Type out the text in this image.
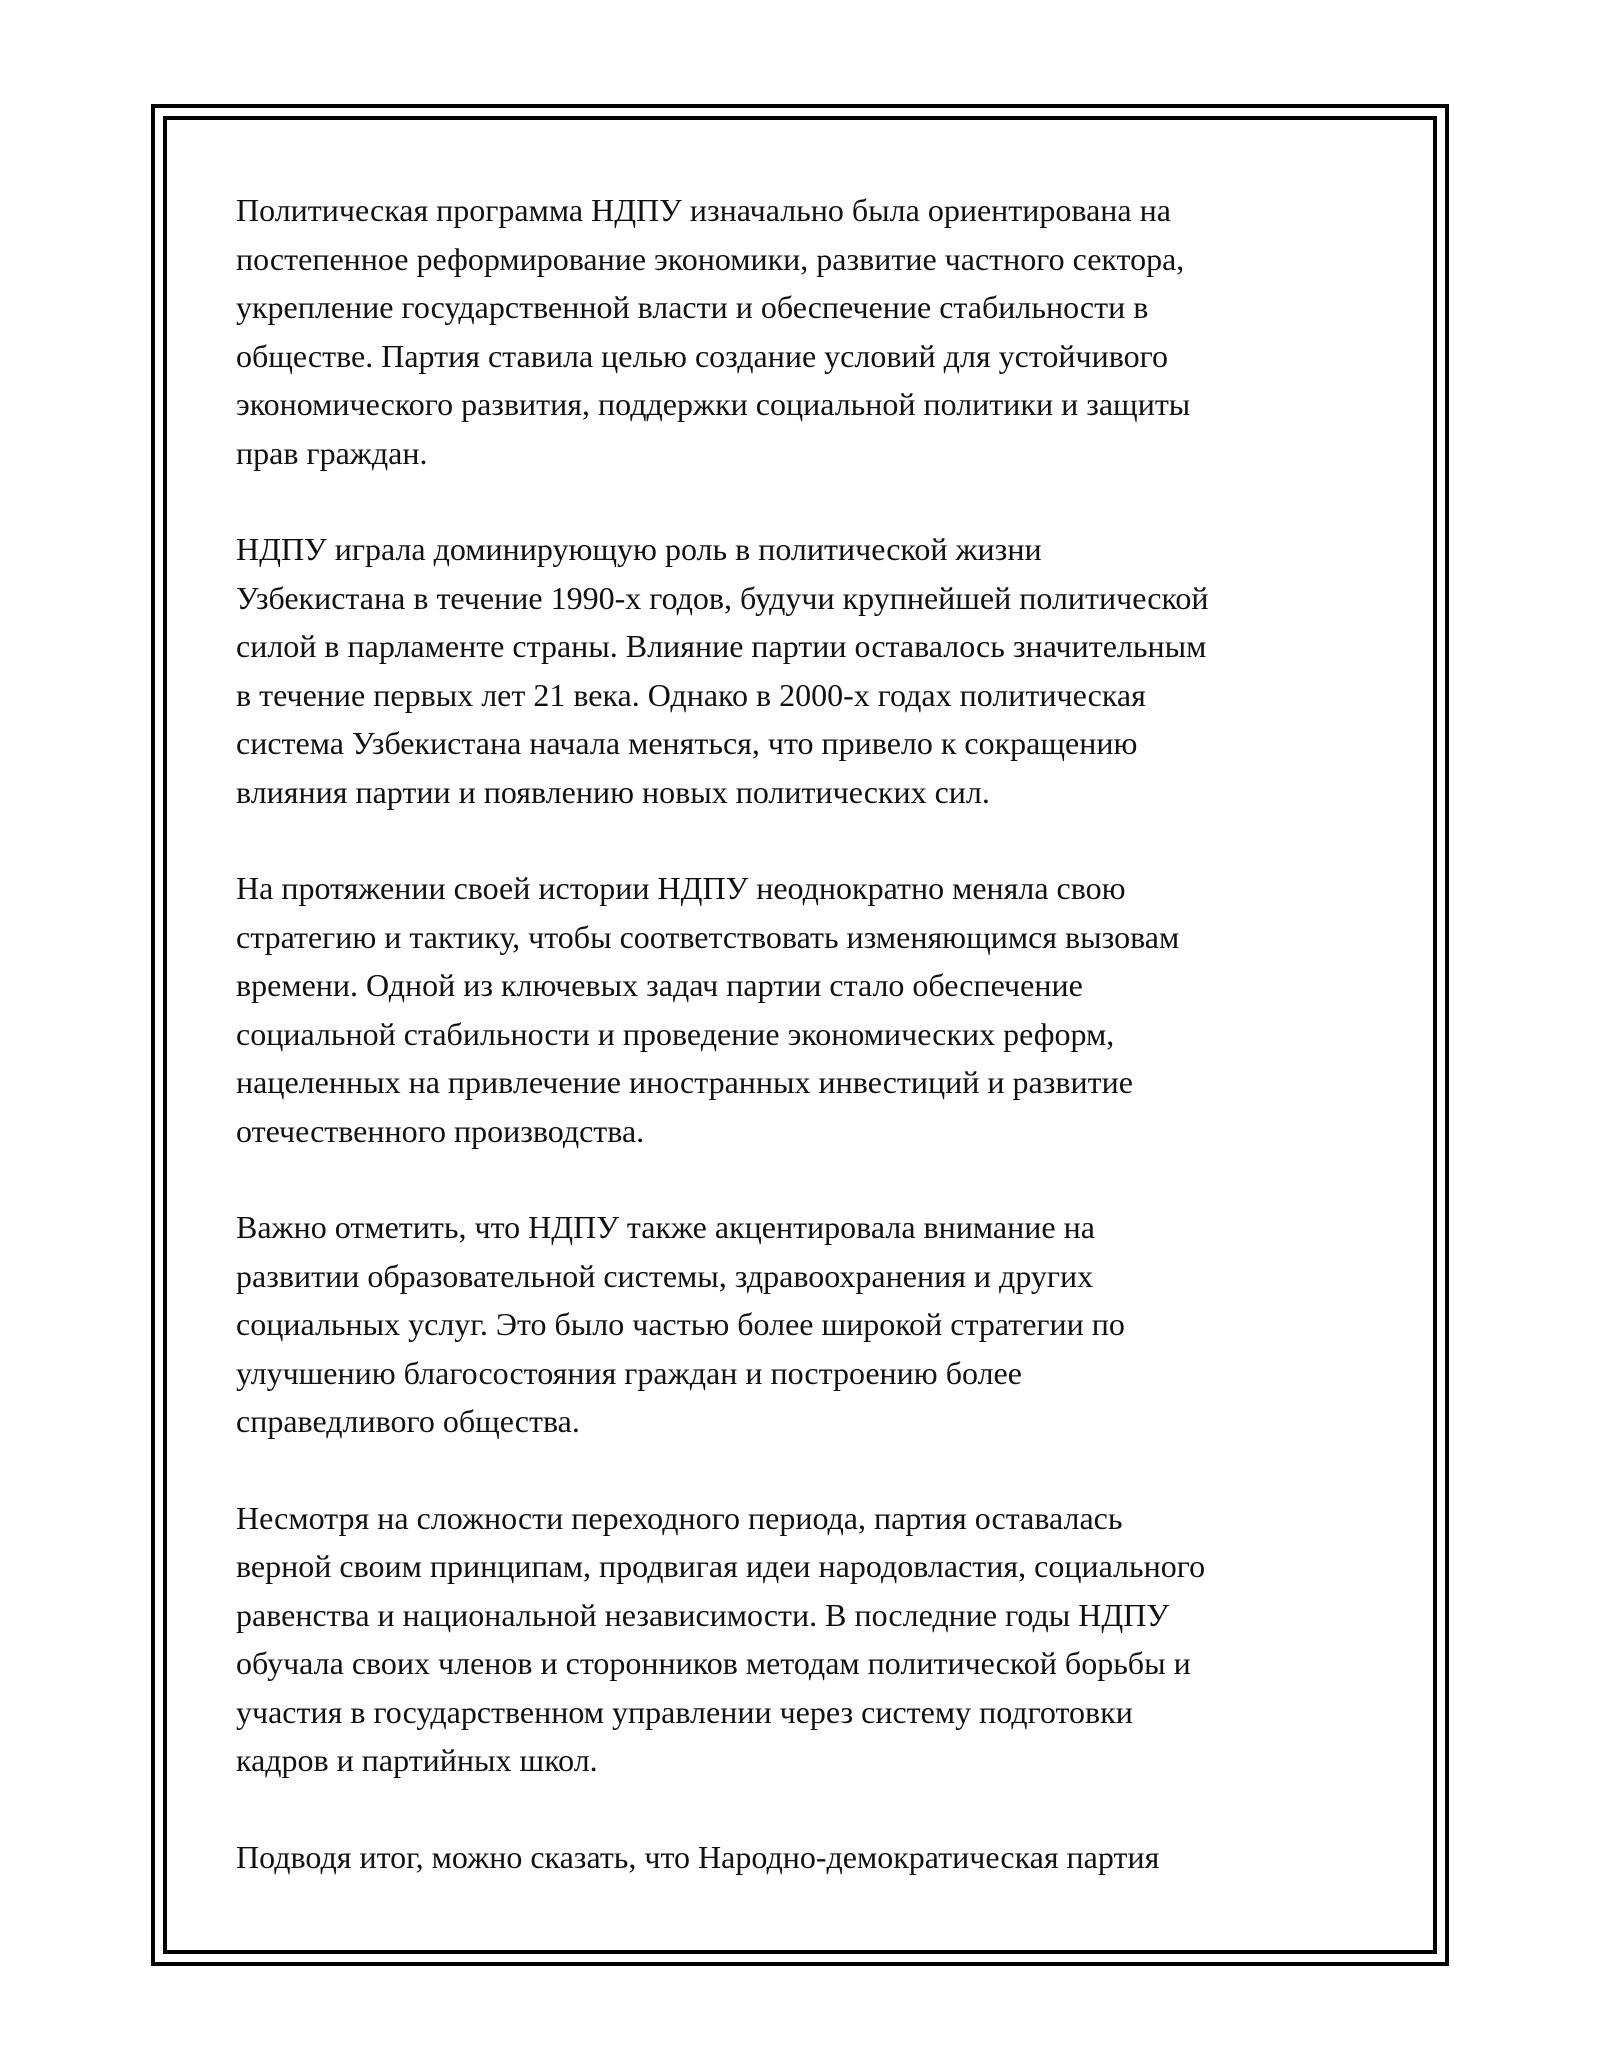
Политическая программа НДПУ изначально была ориентирована на
постепенное реформирование экономики, развитие частного сектора,
укрепление государственной власти и обеспечение стабильности в
обществе. Партия ставила целью создание условий для устойчивого
экономического развития, поддержки социальной политики и защиты
прав граждан.

НДПУ играла доминирующую роль в политической жизни
Узбекистана в течение 1990-х годов, будучи крупнейшей политической
силой в парламенте страны. Влияние партии оставалось значительным
в течение первых лет 21 века. Однако в 2000-х годах политическая
система Узбекистана начала меняться, что привело к сокращению
влияния партии и появлению новых политических сил.

На протяжении своей истории НДПУ неоднократно меняла свою
стратегию и тактику, чтобы соответствовать изменяющимся вызовам
времени. Одной из ключевых задач партии стало обеспечение
социальной стабильности и проведение экономических реформ,
нацеленных на привлечение иностранных инвестиций и развитие
отечественного производства.

Важно отметить, что НДПУ также акцентировала внимание на
развитии образовательной системы, здравоохранения и других
социальных услуг. Это было частью более широкой стратегии по
улучшению благосостояния граждан и построению более
справедливого общества.

Несмотря на сложности переходного периода, партия оставалась
верной своим принципам, продвигая идеи народовластия, социального
равенства и национальной независимости. В последние годы НДПУ
обучала своих членов и сторонников методам политической борьбы и
участия в государственном управлении через систему подготовки
кадров и партийных школ.

Подводя итог, можно сказать, что Народно-демократическая партия
